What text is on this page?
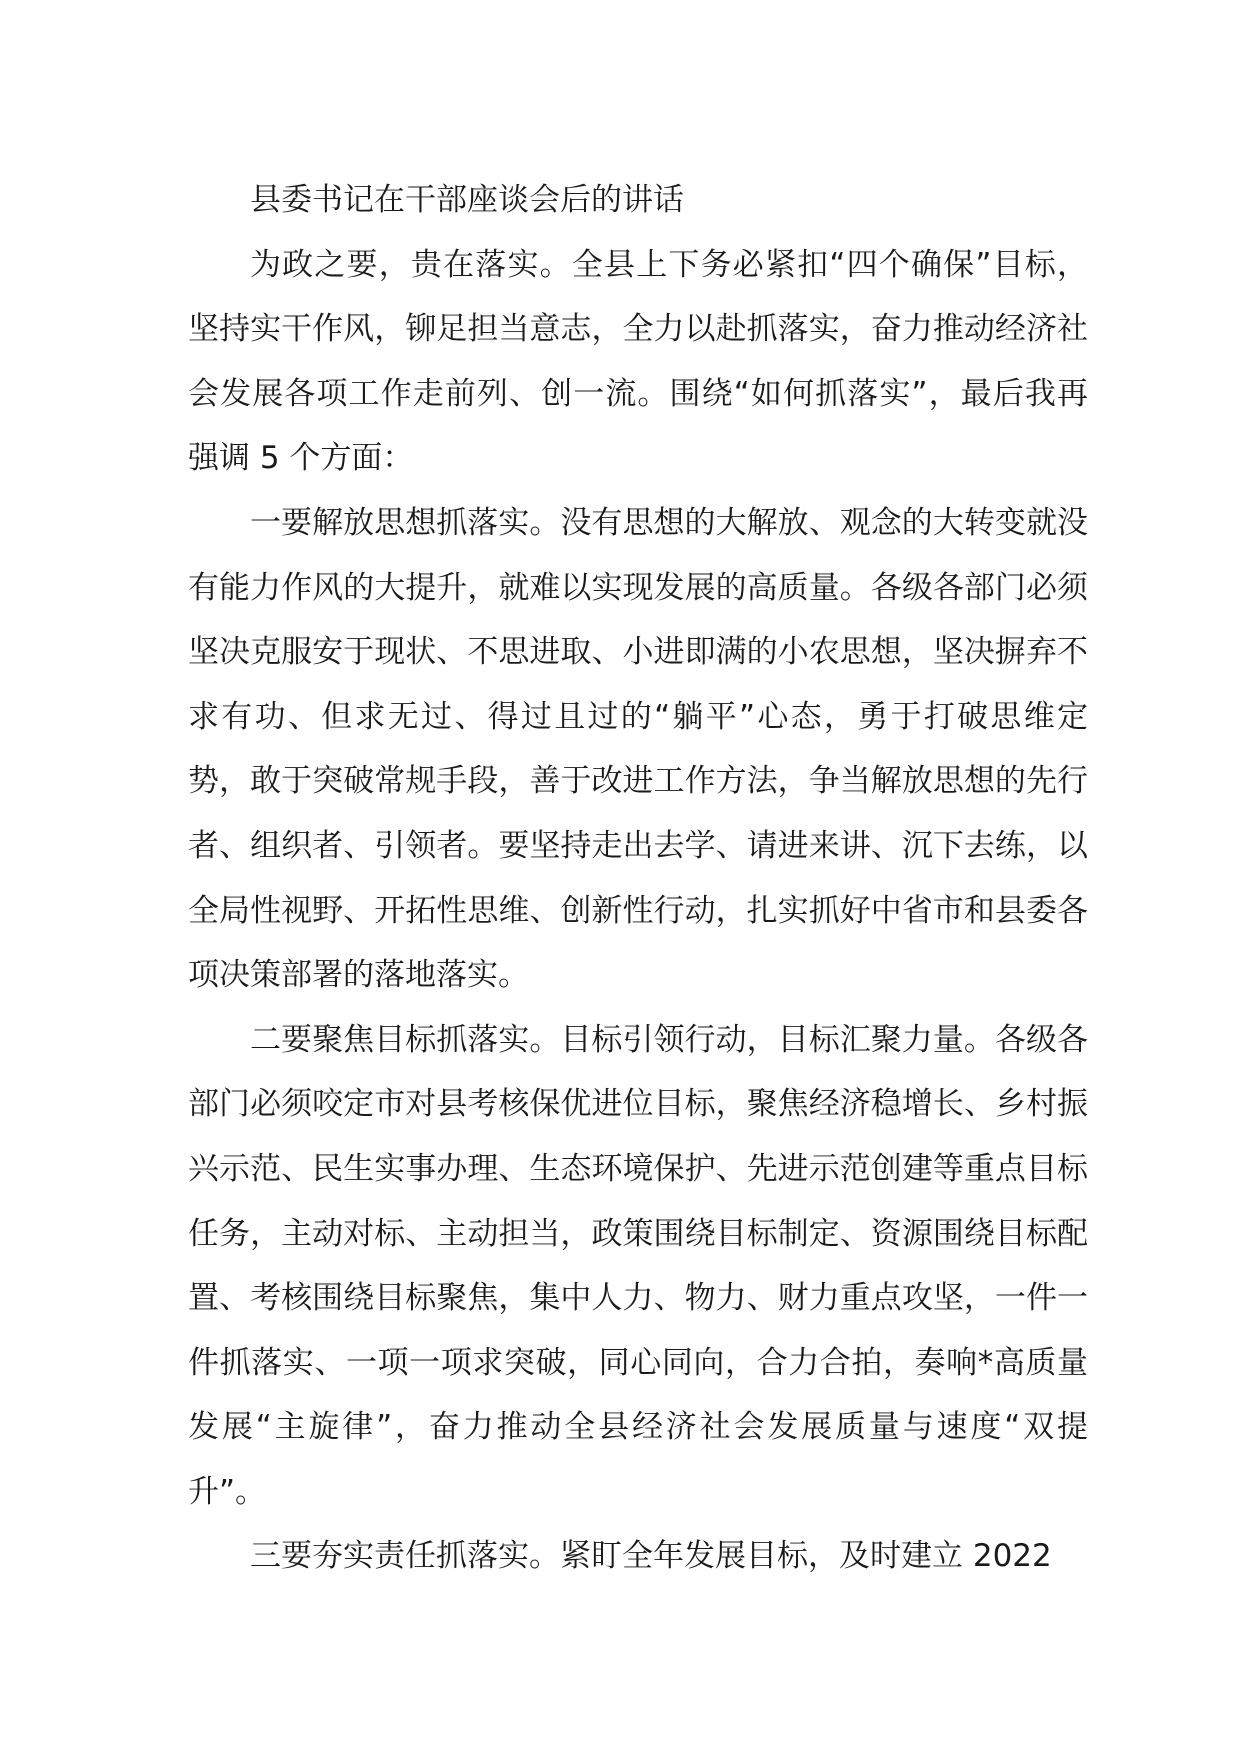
县委书记在干部座谈会后的讲话

为政之要，贵在落实。全县上下务必紧扣“四个确保”目标，坚持实干作风，铆足担当意志，全力以赴抓落实，奋力推动经济社会发展各项工作走前列、创一流。围绕“如何抓落实”，最后我再强调 5 个方面：

一要解放思想抓落实。没有思想的大解放、观念的大转变就没有能力作风的大提升，就难以实现发展的高质量。各级各部门必须坚决克服安于现状、不思进取、小进即满的小农思想，坚决摒弃不求有功、但求无过、得过且过的“躺平”心态，勇于打破思维定势，敢于突破常规手段，善于改进工作方法，争当解放思想的先行者、组织者、引领者。要坚持走出去学、请进来讲、沉下去练，以全局性视野、开拓性思维、创新性行动，扎实抓好中省市和县委各项决策部署的落地落实。

二要聚焦目标抓落实。目标引领行动，目标汇聚力量。各级各部门必须咬定市对县考核保优进位目标，聚焦经济稳增长、乡村振兴示范、民生实事办理、生态环境保护、先进示范创建等重点目标任务，主动对标、主动担当，政策围绕目标制定、资源围绕目标配置、考核围绕目标聚焦，集中人力、物力、财力重点攻坚，一件一件抓落实、一项一项求突破，同心同向，合力合拍，奏响*高质量发展“主旋律”，奋力推动全县经济社会发展质量与速度“双提升”。

三要夯实责任抓落实。紧盯全年发展目标，及时建立 2022
